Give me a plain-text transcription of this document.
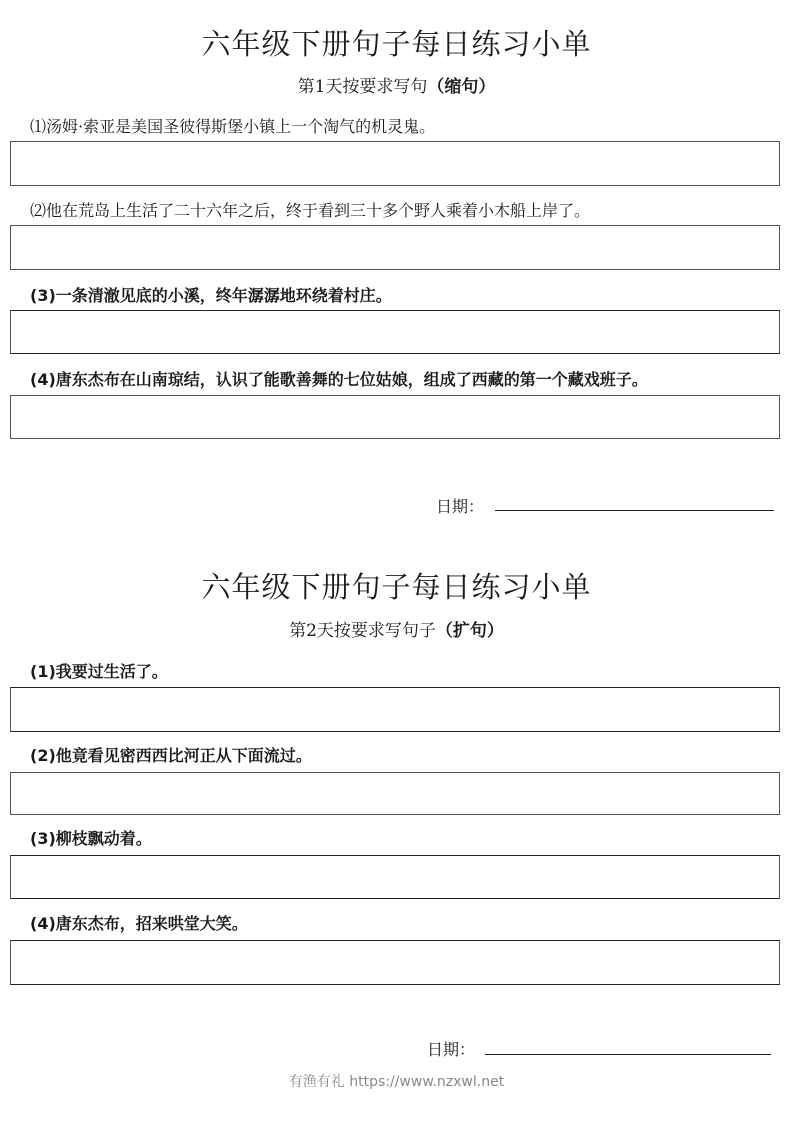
六年级下册句子每日练习小单
第1天按要求写句（缩句）
⑴汤姆·索亚是美国圣彼得斯堡小镇上一个淘气的机灵鬼。
⑵他在荒岛上生活了二十六年之后，终于看到三十多个野人乘着小木船上岸了。
(3)一条清澈见底的小溪，终年潺潺地环绕着村庄。
(4)唐东杰布在山南琼结，认识了能歌善舞的七位姑娘，组成了西藏的第一个藏戏班子。
日期：
六年级下册句子每日练习小单
第2天按要求写句子（扩句）
(1)我要过生活了。
(2)他竟看见密西西比河正从下面流过。
(3)柳枝飘动着。
(4)唐东杰布，招来哄堂大笑。
日期：
有渔有礼 https://www.nzxwl.net
